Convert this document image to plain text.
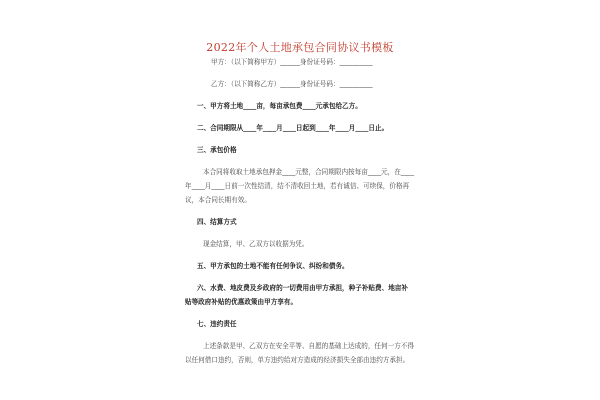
2022年个人土地承包合同协议书模板
甲方：（以下简称甲方）______身份证号码：__________
乙方：（以下简称乙方）______身份证号码：__________
一、甲方将土地____亩，每亩承包费____元承包给乙方。
二、合同期限从____年____月____日起到____年____月____日止。
三、承包价格
本合同将收取土地承包押金____元整，合同期限内按每亩____元，在____
年____月____日前一次性结清，结不清收回土地，若有诚信、可续保，价格再
议，本合同长期有效。
四、结算方式
现金结算，甲、乙双方以收据为凭。
五、甲方承包的土地不能有任何争议、纠纷和债务。
六、水费、地皮费及乡政府的一切费用由甲方承担，种子补贴费、地亩补
贴等政府补贴的优惠政策由甲方享有。
七、违约责任
上述条款是甲、乙双方在安全平等、自愿的基础上达成的，任何一方不得
以任何借口违约，否则，单方违约给对方造成的经济损失全部由违约方承担。
